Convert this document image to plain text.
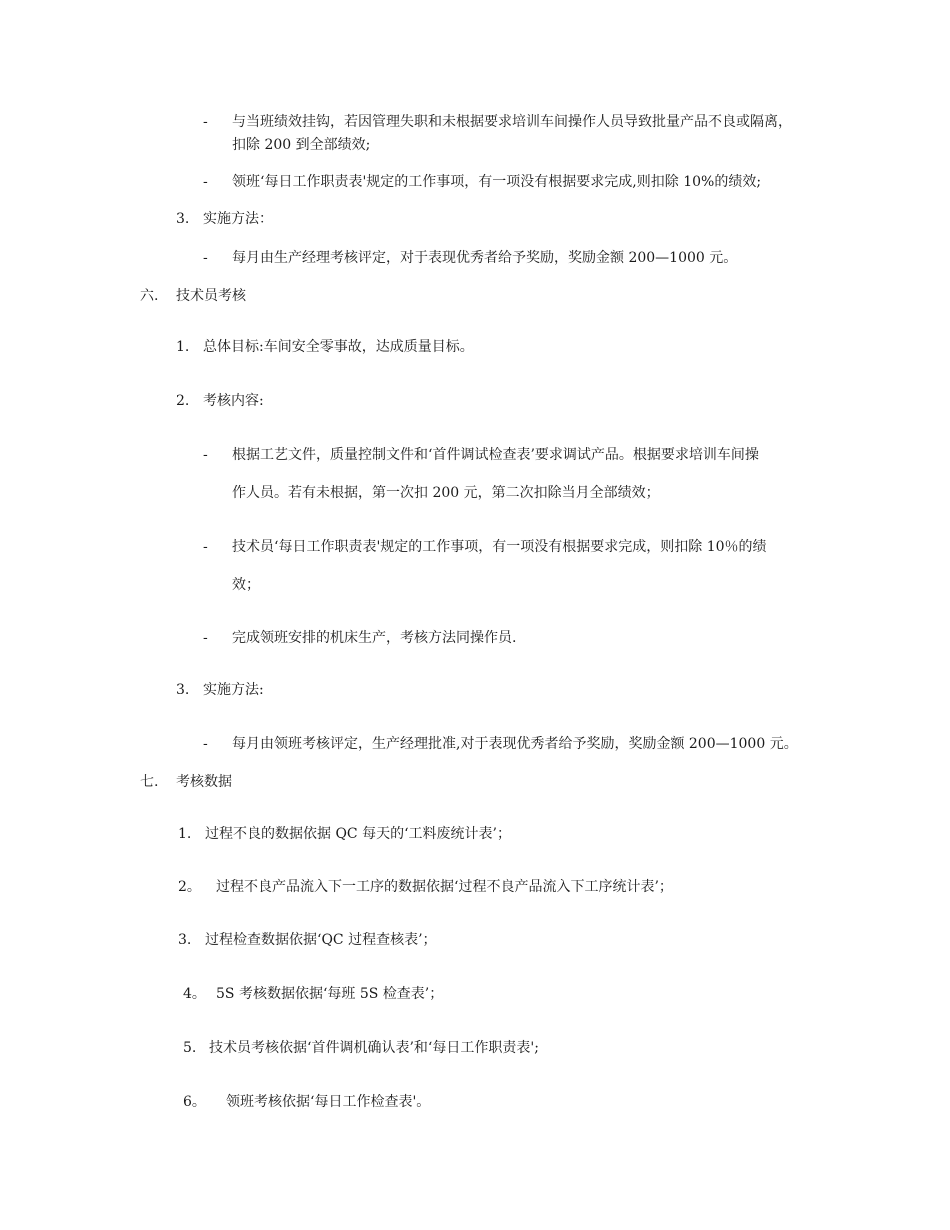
- 与当班绩效挂钩，若因管理失职和未根据要求培训车间操作人员导致批量产品不良或隔离，
扣除 200 到全部绩效;
- 领班‘每日工作职责表'规定的工作事项，有一项没有根据要求完成,则扣除 10%的绩效;
3. 实施方法：
- 每月由生产经理考核评定，对于表现优秀者给予奖励，奖励金额 200—1000 元。
六. 技术员考核
1. 总体目标:车间安全零事故，达成质量目标。
2. 考核内容:
- 根据工艺文件，质量控制文件和‘首件调试检查表’要求调试产品。根据要求培训车间操
作人员。若有未根据，第一次扣 200 元，第二次扣除当月全部绩效；
- 技术员‘每日工作职责表'规定的工作事项，有一项没有根据要求完成，则扣除 10％的绩
效；
- 完成领班安排的机床生产，考核方法同操作员.
3. 实施方法:
- 每月由领班考核评定，生产经理批准,对于表现优秀者给予奖励，奖励金额 200—1000 元。
七. 考核数据
1. 过程不良的数据依据 QC 每天的‘工料废统计表’；
2。 过程不良产品流入下一工序的数据依据‘过程不良产品流入下工序统计表’；
3. 过程检查数据依据‘QC 过程查核表’；
4。 5S 考核数据依据‘每班 5S 检查表’；
5. 技术员考核依据‘首件调机确认表’和‘每日工作职责表';
6。 领班考核依据‘每日工作检查表'。
